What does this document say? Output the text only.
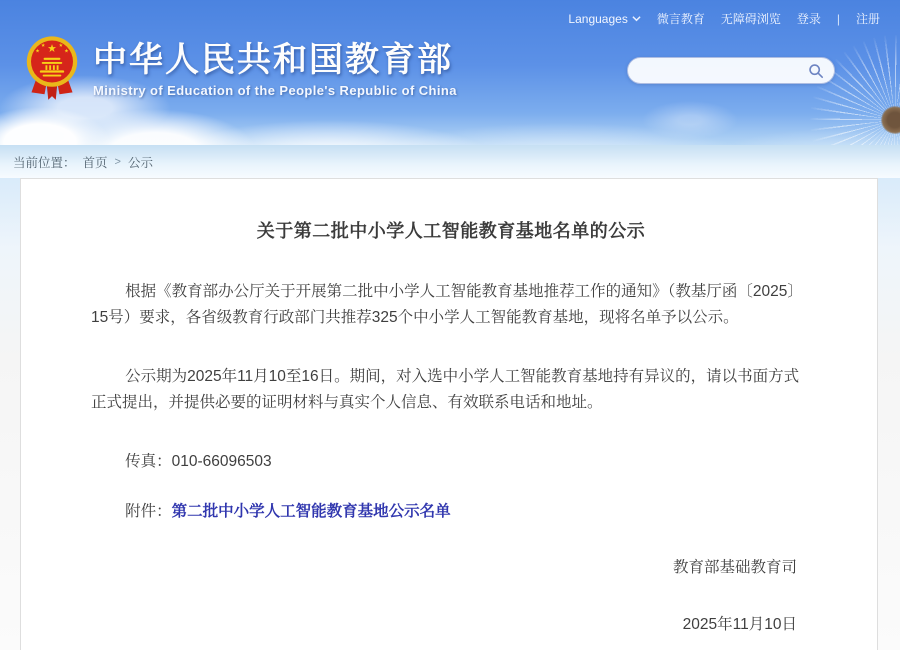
Languages 微言教育 无障碍浏览 登录 | 注册
中华人民共和国教育部
Ministry of Education of the People's Republic of China
当前位置： 首页 > 公示
关于第二批中小学人工智能教育基地名单的公示

根据《教育部办公厅关于开展第二批中小学人工智能教育基地推荐工作的通知》（教基厅函〔2025〕15号）要求，各省级教育行政部门共推荐325个中小学人工智能教育基地，现将名单予以公示。

公示期为2025年11月10至16日。期间，对入选中小学人工智能教育基地持有异议的，请以书面方式正式提出，并提供必要的证明材料与真实个人信息、有效联系电话和地址。

传真：010-66096503

附件：第二批中小学人工智能教育基地公示名单

教育部基础教育司

2025年11月10日
